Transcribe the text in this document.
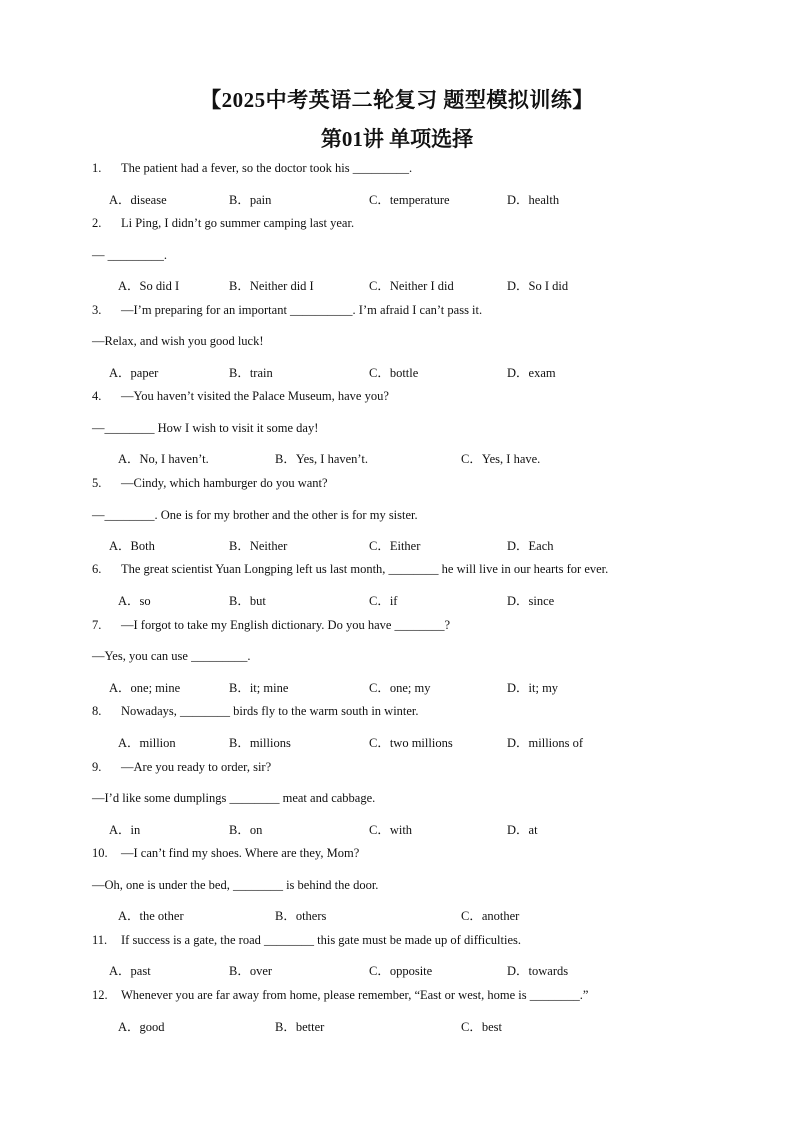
【2025中考英语二轮复习 题型模拟训练】
第01讲 单项选择
1. The patient had a fever, so the doctor took his _________.
A．disease	B．pain	C．temperature	D．health
2. Li Ping, I didn’t go summer camping last year.
— _________.
A．So did I	B．Neither did I	C．Neither I did	D．So I did
3. —I’m preparing for an important __________. I’m afraid I can’t pass it.
—Relax, and wish you good luck!
A．paper	B．train	C．bottle	D．exam
4. —You haven’t visited the Palace Museum, have you?
—________ How I wish to visit it some day!
A．No, I haven’t.	B．Yes, I haven’t.	C．Yes, I have.
5. —Cindy, which hamburger do you want?
—________. One is for my brother and the other is for my sister.
A．Both	B．Neither	C．Either	D．Each
6. The great scientist Yuan Longping left us last month, ________ he will live in our hearts for ever.
A．so	B．but	C．if	D．since
7. —I forgot to take my English dictionary. Do you have ________?
—Yes, you can use _________.
A．one; mine	B．it; mine	C．one; my	D．it; my
8. Nowadays, ________ birds fly to the warm south in winter.
A．million	B．millions	C．two millions	D．millions of
9. —Are you ready to order, sir?
—I’d like some dumplings ________ meat and cabbage.
A．in	B．on	C．with	D．at
10. —I can’t find my shoes. Where are they, Mom?
—Oh, one is under the bed, ________ is behind the door.
A．the other	B．others	C．another
11. If success is a gate, the road ________ this gate must be made up of difficulties.
A．past	B．over	C．opposite	D．towards
12. Whenever you are far away from home, please remember, “East or west, home is ________.”
A．good	B．better	C．best
